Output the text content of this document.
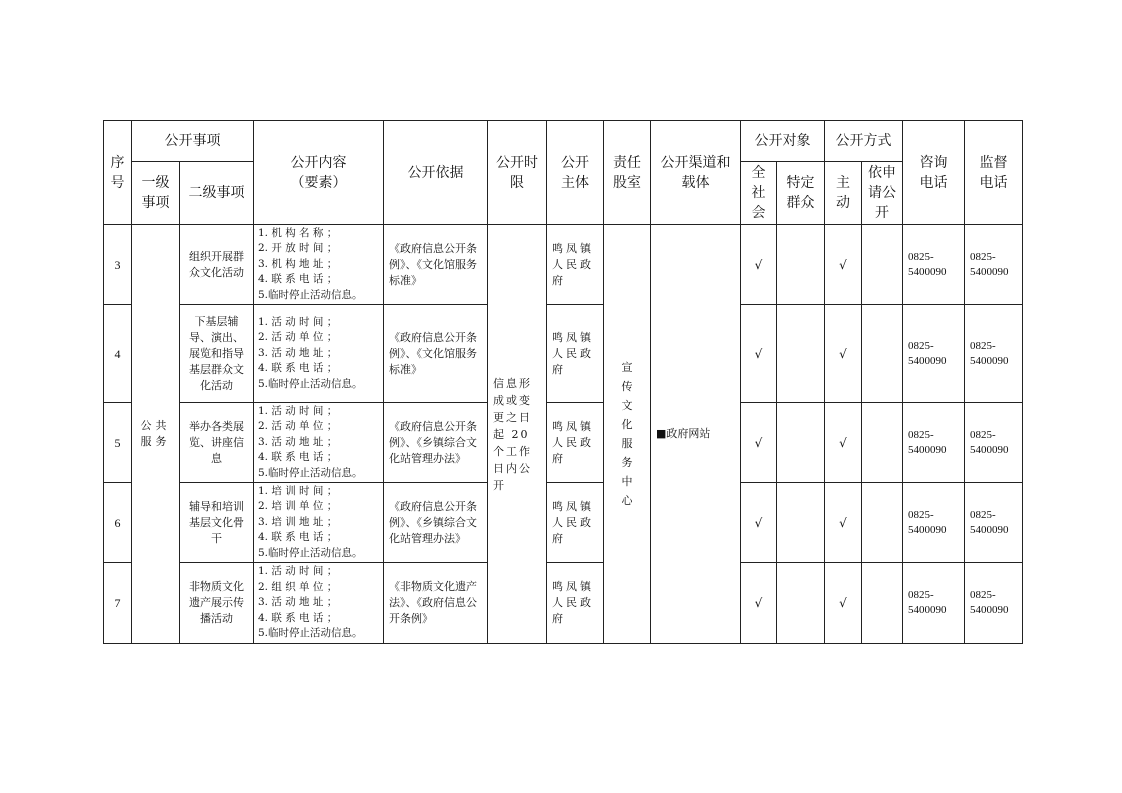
序号	公开事项		公开内容（要素）	公开依据	公开时限	公开主体	责任股室	公开渠道和载体	公开对象		公开方式		咨询电话	监督电话
	一级事项	二级事项							全社会	特定群众	主动	依申请公开		
3	公共服务	组织开展群众文化活动	1. 机 构 名 称 ；
2. 开 放 时 间 ；
3. 机 构 地 址 ；
4. 联 系 电 话 ；
5.临时停止活动信息。	《政府信息公开条例》、《文化馆服务标准》	信息形成或变更之日起 20 个工作日内公开	鸣凤镇人民政府	宣传文化服务中心	■政府网站	√		√		0825-5400090	0825-5400090
4		下基层辅导、演出、展览和指导基层群众文化活动	1. 活 动 时 间 ；
2. 活 动 单 位 ；
3. 活 动 地 址 ；
4. 联 系 电 话 ；
5.临时停止活动信息。	《政府信息公开条例》、《文化馆服务标准》		鸣凤镇人民政府			√		√		0825-5400090	0825-5400090
5		举办各类展览、讲座信息	1. 活 动 时 间 ；
2. 活 动 单 位 ；
3. 活 动 地 址 ；
4. 联 系 电 话 ；
5.临时停止活动信息。	《政府信息公开条例》、《乡镇综合文化站管理办法》		鸣凤镇人民政府			√		√		0825-5400090	0825-5400090
6		辅导和培训基层文化骨干	1. 培 训 时 间 ；
2. 培 训 单 位 ；
3. 培 训 地 址 ；
4. 联 系 电 话 ；
5.临时停止活动信息。	《政府信息公开条例》、《乡镇综合文化站管理办法》		鸣凤镇人民政府			√		√		0825-5400090	0825-5400090
7		非物质文化遗产展示传播活动	1. 活 动 时 间 ；
2. 组 织 单 位 ；
3. 活 动 地 址 ；
4. 联 系 电 话 ；
5.临时停止活动信息。	《非物质文化遗产法》、《政府信息公开条例》		鸣凤镇人民政府			√		√		0825-5400090	0825-5400090
